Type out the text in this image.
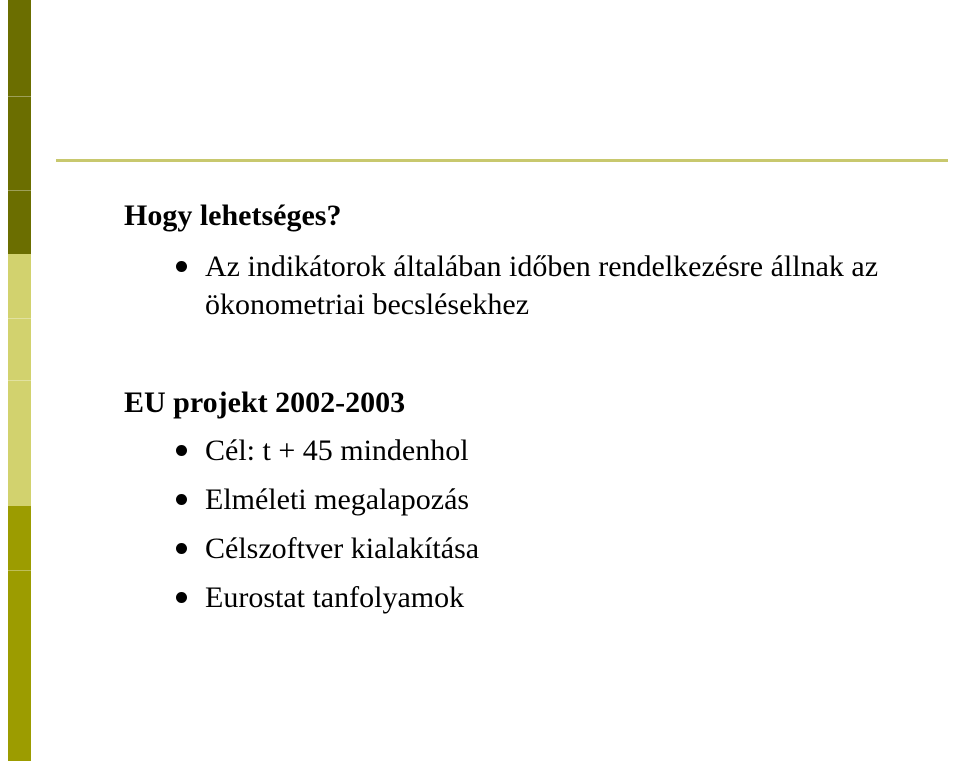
Hogy lehetséges?
Az indikátorok általában időben rendelkezésre állnak az
ökonometriai becslésekhez
EU projekt 2002-2003
Cél: t + 45 mindenhol
Elméleti megalapozás
Célszoftver kialakítása
Eurostat tanfolyamok
